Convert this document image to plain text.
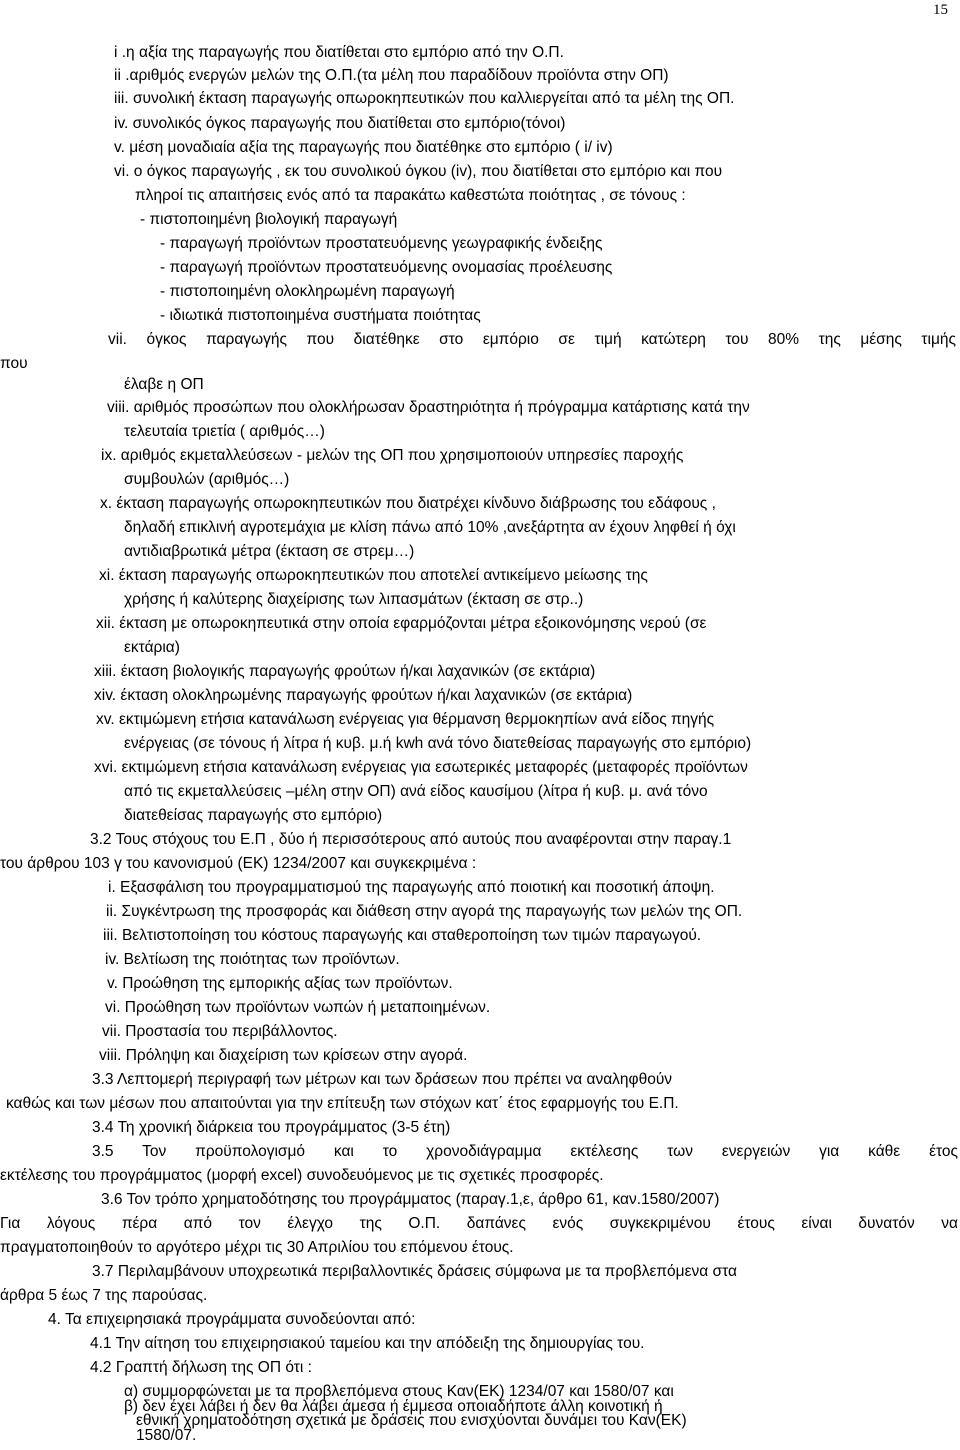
15
i .η αξία της παραγωγής που διατίθεται στο εμπόριο από την Ο.Π.
ii .αριθμός ενεργών μελών της Ο.Π.(τα μέλη που παραδίδουν προϊόντα στην ΟΠ)
iii. συνολική έκταση παραγωγής οπωροκηπευτικών που καλλιεργείται από τα μέλη της ΟΠ.
iv. συνολικός όγκος παραγωγής που διατίθεται στο εμπόριο(τόνοι)
v. μέση μοναδιαία αξία της παραγωγής που διατέθηκε στο εμπόριο ( i/ iv)
vi. ο όγκος παραγωγής , εκ του συνολικού όγκου (iv), που διατίθεται στο εμπόριο και που
πληροί τις απαιτήσεις ενός από τα παρακάτω καθεστώτα ποιότητας , σε τόνους :
- πιστοποιημένη βιολογική παραγωγή
- παραγωγή προϊόντων προστατευόμενης γεωγραφικής ένδειξης
- παραγωγή προϊόντων προστατευόμενης ονομασίας προέλευσης
- πιστοποιημένη ολοκληρωμένη παραγωγή
- ιδιωτικά πιστοποιημένα συστήματα ποιότητας
vii. όγκος παραγωγής που διατέθηκε στο εμπόριο σε τιμή κατώτερη του 80% της μέσης τιμής
που
έλαβε η ΟΠ
viii. αριθμός προσώπων που ολοκλήρωσαν δραστηριότητα ή πρόγραμμα κατάρτισης κατά την
τελευταία τριετία ( αριθμός…)
ix. αριθμός εκμεταλλεύσεων - μελών της ΟΠ που χρησιμοποιούν υπηρεσίες παροχής
συμβουλών (αριθμός…)
x. έκταση παραγωγής οπωροκηπευτικών που διατρέχει κίνδυνο διάβρωσης του εδάφους ,
δηλαδή επικλινή αγροτεμάχια με κλίση πάνω από 10% ,ανεξάρτητα αν έχουν ληφθεί ή όχι
αντιδιαβρωτικά μέτρα (έκταση σε στρεμ…)
xi. έκταση παραγωγής οπωροκηπευτικών που αποτελεί αντικείμενο μείωσης της
χρήσης ή καλύτερης διαχείρισης των λιπασμάτων (έκταση σε στρ..)
xii. έκταση με οπωροκηπευτικά στην οποία εφαρμόζονται μέτρα εξοικονόμησης νερού (σε
εκτάρια)
xiii. έκταση βιολογικής παραγωγής φρούτων ή/και λαχανικών (σε εκτάρια)
xiv. έκταση ολοκληρωμένης παραγωγής φρούτων ή/και λαχανικών (σε εκτάρια)
xv. εκτιμώμενη ετήσια κατανάλωση ενέργειας για θέρμανση θερμοκηπίων ανά είδος πηγής
ενέργειας (σε τόνους ή λίτρα ή κυβ. μ.ή kwh ανά τόνο διατεθείσας παραγωγής στο εμπόριο)
xvi. εκτιμώμενη ετήσια κατανάλωση ενέργειας για εσωτερικές μεταφορές (μεταφορές προϊόντων
από τις εκμεταλλεύσεις –μέλη στην ΟΠ) ανά είδος καυσίμου (λίτρα ή κυβ. μ. ανά τόνο
διατεθείσας παραγωγής στο εμπόριο)
3.2 Τους στόχους του Ε.Π , δύο ή περισσότερους από αυτούς που αναφέρονται στην παραγ.1
του άρθρου 103 γ του κανονισμού (ΕΚ) 1234/2007 και συγκεκριμένα :
i. Εξασφάλιση του προγραμματισμού της παραγωγής από ποιοτική και ποσοτική άποψη.
ii. Συγκέντρωση της προσφοράς και διάθεση στην αγορά της παραγωγής των μελών της ΟΠ.
iii. Βελτιστοποίηση του κόστους παραγωγής και σταθεροποίηση των τιμών παραγωγού.
iv. Βελτίωση της ποιότητας των προϊόντων.
v. Προώθηση της εμπορικής αξίας των προϊόντων.
vi. Προώθηση των προϊόντων νωπών ή μεταποιημένων.
vii. Προστασία του περιβάλλοντος.
viii. Πρόληψη και διαχείριση των κρίσεων στην αγορά.
3.3 Λεπτομερή περιγραφή των μέτρων και των δράσεων που πρέπει να αναληφθούν
καθώς και των μέσων που απαιτούνται για την επίτευξη των στόχων κατ΄ έτος εφαρμογής του Ε.Π.
3.4 Τη χρονική διάρκεια του προγράμματος (3-5 έτη)
3.5 Τον προϋπολογισμό και το χρονοδιάγραμμα εκτέλεσης των ενεργειών για κάθε έτος
εκτέλεσης του προγράμματος (μορφή excel) συνοδευόμενος με τις σχετικές προσφορές.
3.6 Τον τρόπο χρηματοδότησης του προγράμματος (παραγ.1,ε, άρθρο 61, καν.1580/2007)
Για λόγους πέρα από τον έλεγχο της Ο.Π. δαπάνες ενός συγκεκριμένου έτους είναι δυνατόν να
πραγματοποιηθούν το αργότερο μέχρι τις 30 Απριλίου του επόμενου έτους.
3.7 Περιλαμβάνουν υποχρεωτικά περιβαλλοντικές δράσεις σύμφωνα με τα προβλεπόμενα στα
άρθρα 5 έως 7 της παρούσας.
4. Τα επιχειρησιακά προγράμματα συνοδεύονται από:
4.1 Την αίτηση του επιχειρησιακού ταμείου και την απόδειξη της δημιουργίας του.
4.2 Γραπτή δήλωση της ΟΠ ότι :
α) συμμορφώνεται με τα προβλεπόμενα στους Καν(ΕΚ) 1234/07 και 1580/07 και
β) δεν έχει λάβει ή δεν θα λάβει άμεσα ή έμμεσα οποιαδήποτε άλλη κοινοτική ή
εθνική χρηματοδότηση σχετικά με δράσεις που ενισχύονται δυνάμει του Καν(ΕΚ)
1580/07.
